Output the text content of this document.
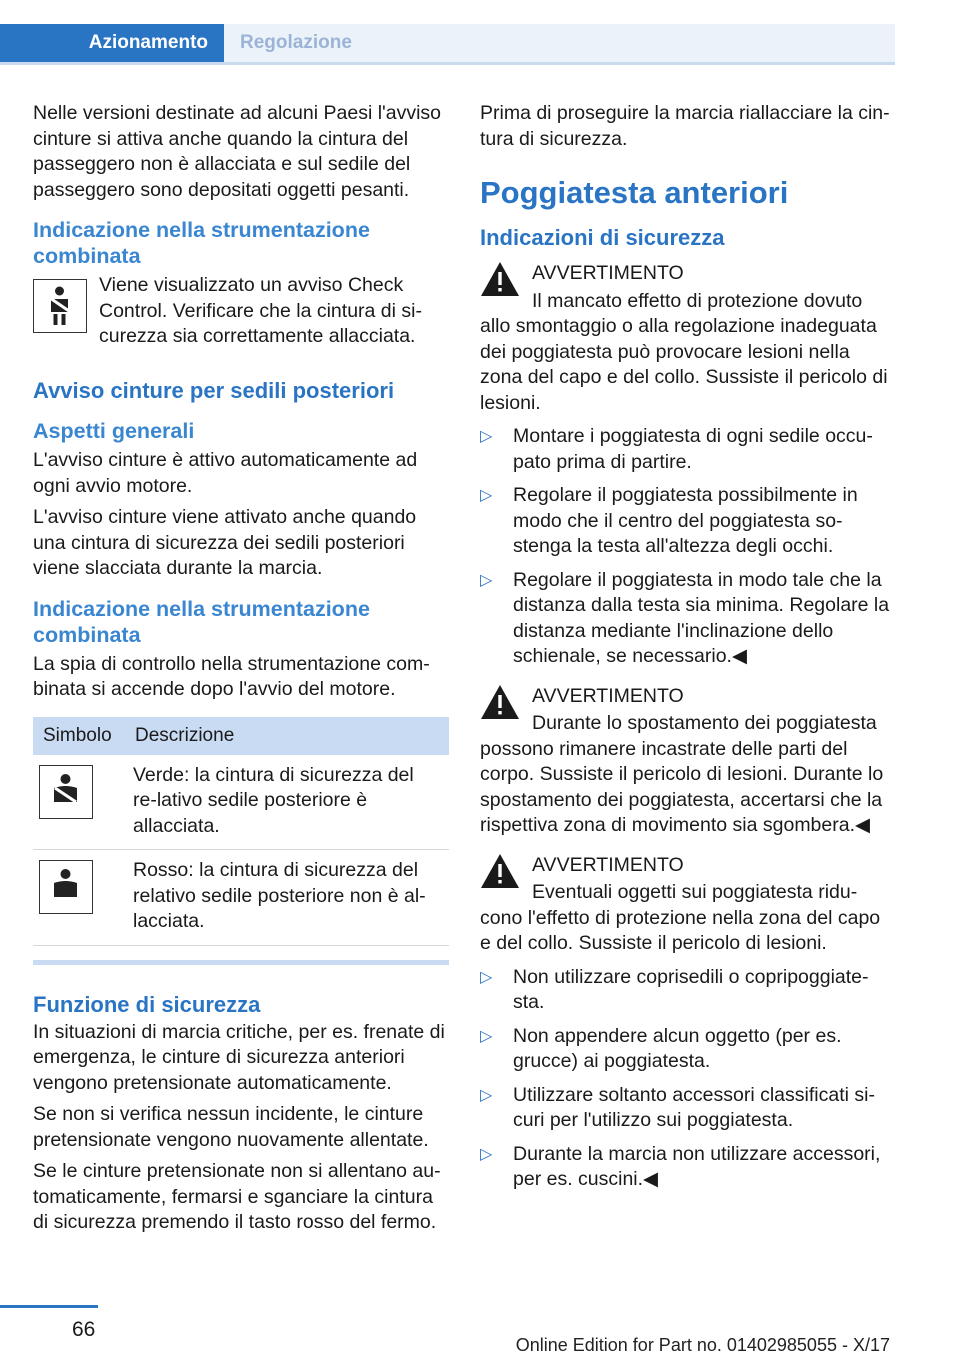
Azionamento	Regolazione

Nelle versioni destinate ad alcuni Paesi l'avviso cinture si attiva anche quando la cintura del passeggero non è allacciata e sul sedile del passeggero sono depositati oggetti pesanti.

Indicazione nella strumentazione combinata
Viene visualizzato un avviso Check Control. Verificare che la cintura di si-curezza sia correttamente allacciata.
Avviso cinture per sedili posteriori
Aspetti generali

L'avviso cinture è attivo automaticamente ad ogni avvio motore.

L'avviso cinture viene attivato anche quando una cintura di sicurezza dei sedili posteriori viene slacciata durante la marcia.

Indicazione nella strumentazione combinata

La spia di controllo nella strumentazione com-binata si accende dopo l'avvio del motore.

Simbolo	Descrizione

	Verde: la cintura di sicurezza del re-lativo sedile posteriore è allacciata.

	Rosso: la cintura di sicurezza del relativo sedile posteriore non è al-lacciata.
Funzione di sicurezza

In situazioni di marcia critiche, per es. frenate di emergenza, le cinture di sicurezza anteriori vengono pretensionate automaticamente.

Se non si verifica nessun incidente, le cinture pretensionate vengono nuovamente allentate.

Se le cinture pretensionate non si allentano au-tomaticamente, fermarsi e sganciare la cintura di sicurezza premendo il tasto rosso del fermo.

Prima di proseguire la marcia riallacciare la cin-tura di sicurezza.

Poggiatesta anteriori
Indicazioni di sicurezza
AVVERTIMENTO

Il mancato effetto di protezione dovuto allo smontaggio o alla regolazione inadeguata dei poggiatesta può provocare lesioni nella zona del capo e del collo. Sussiste il pericolo di lesioni.

▷ Montare i poggiatesta di ogni sedile occu-pato prima di partire.
▷ Regolare il poggiatesta possibilmente in modo che il centro del poggiatesta so-stenga la testa all'altezza degli occhi.
▷ Regolare il poggiatesta in modo tale che la distanza dalla testa sia minima. Regolare la distanza mediante l'inclinazione dello schienale, se necessario.◀
AVVERTIMENTO

Durante lo spostamento dei poggiatesta possono rimanere incastrate delle parti del corpo. Sussiste il pericolo di lesioni. Durante lo spostamento dei poggiatesta, accertarsi che la rispettiva zona di movimento sia sgombera.◀

AVVERTIMENTO

Eventuali oggetti sui poggiatesta ridu-cono l'effetto di protezione nella zona del capo e del collo. Sussiste il pericolo di lesioni.

▷ Non utilizzare coprisedili o copripoggiate-sta.
▷ Non appendere alcun oggetto (per es. grucce) ai poggiatesta.
▷ Utilizzare soltanto accessori classificati si-curi per l'utilizzo sui poggiatesta.
▷ Durante la marcia non utilizzare accessori, per es. cuscini.◀
66
Online Edition for Part no. 01402985055 - X/17
